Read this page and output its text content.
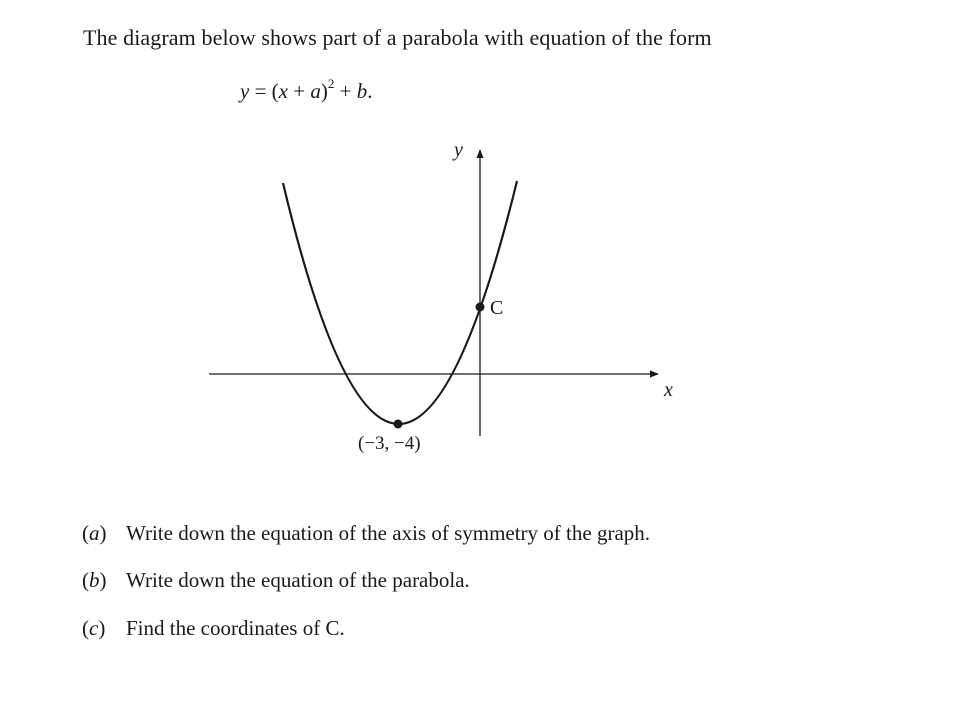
The diagram below shows part of a parabola with equation of the form
$y = (x + a)^2 + b$.
y
x
C
(−3, −4)
(a) Write down the equation of the axis of symmetry of the graph.
(b) Write down the equation of the parabola.
(c) Find the coordinates of C.
